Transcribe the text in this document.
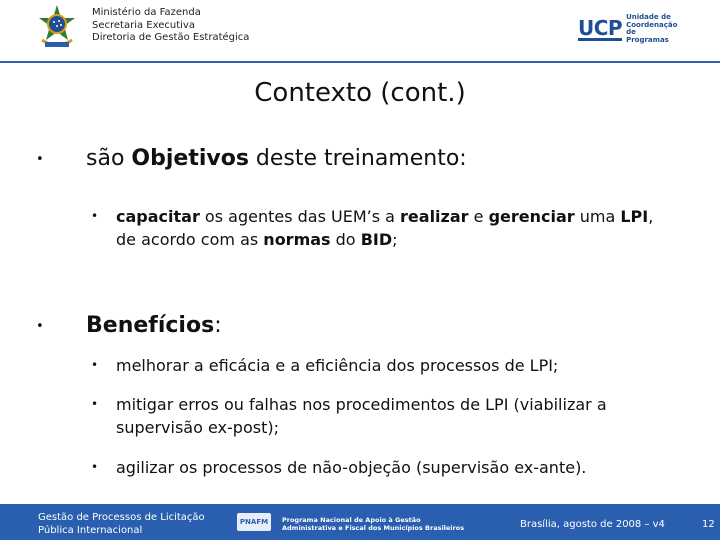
Ministério da Fazenda
Secretaria Executiva
Diretoria de Gestão Estratégica	UCP Unidade de
Coordenação de
Programas
Contexto (cont.)
• são Objetivos deste treinamento:
• capacitar os agentes das UEM’s a realizar e gerenciar uma LPI, de acordo com as normas do BID;
• Benefícios:
• melhorar a eficácia e a eficiência dos processos de LPI;
• mitigar erros ou falhas nos procedimentos de LPI (viabilizar a supervisão ex-post);
• agilizar os processos de não-objeção (supervisão ex-ante).
Gestão de Processos de Licitação
Pública Internacional
PNAFM	Programa Nacional de Apoio à Gestão
Administrativa e Fiscal dos Municípios Brasileiros	Brasília, agosto de 2008 – v4	12
